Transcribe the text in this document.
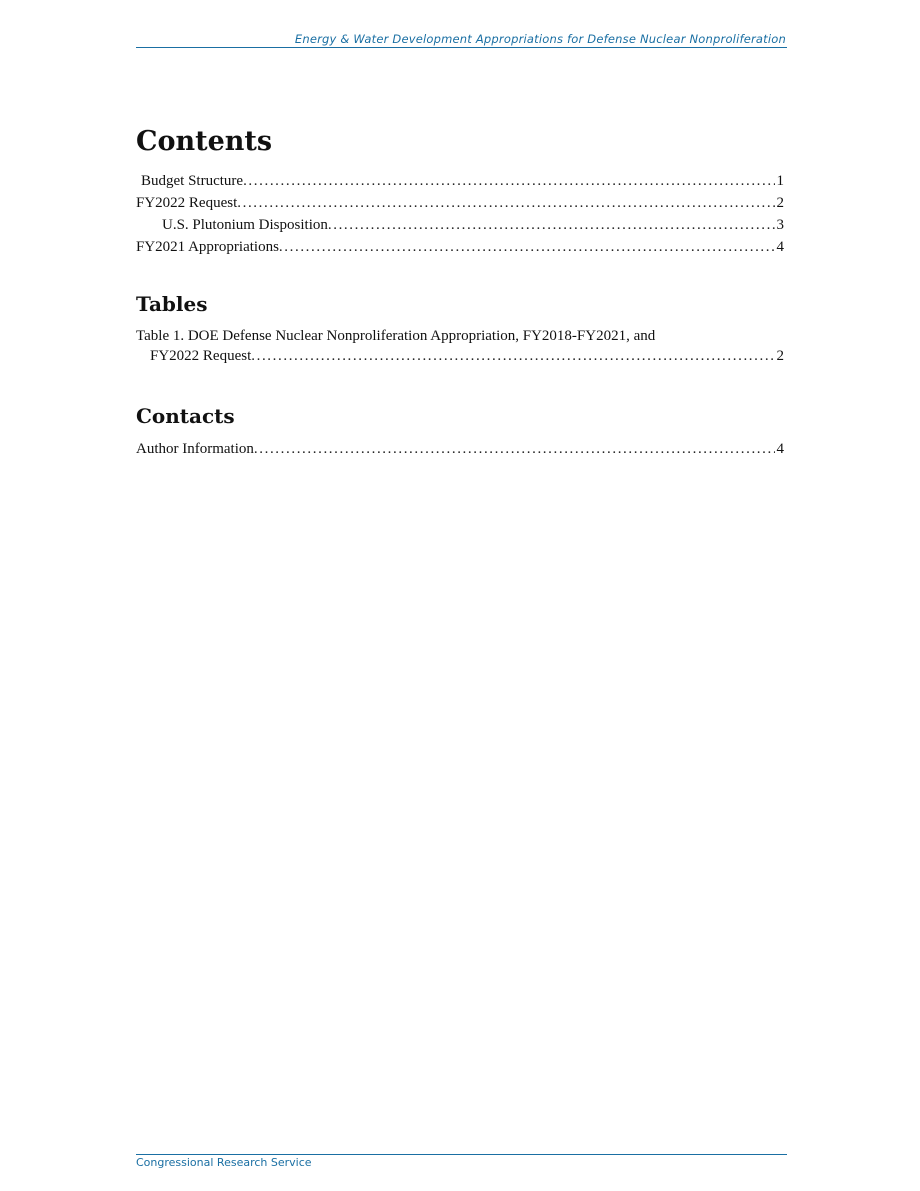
Energy & Water Development Appropriations for Defense Nuclear Nonproliferation
Contents
Budget Structure .....	1
FY2022 Request .....	2
U.S. Plutonium Disposition .....	3
FY2021 Appropriations .....	4
Tables
Table 1. DOE Defense Nuclear Nonproliferation Appropriation, FY2018-FY2021, and
FY2022 Request .....	2
Contacts
Author Information .....	4
Congressional Research Service
